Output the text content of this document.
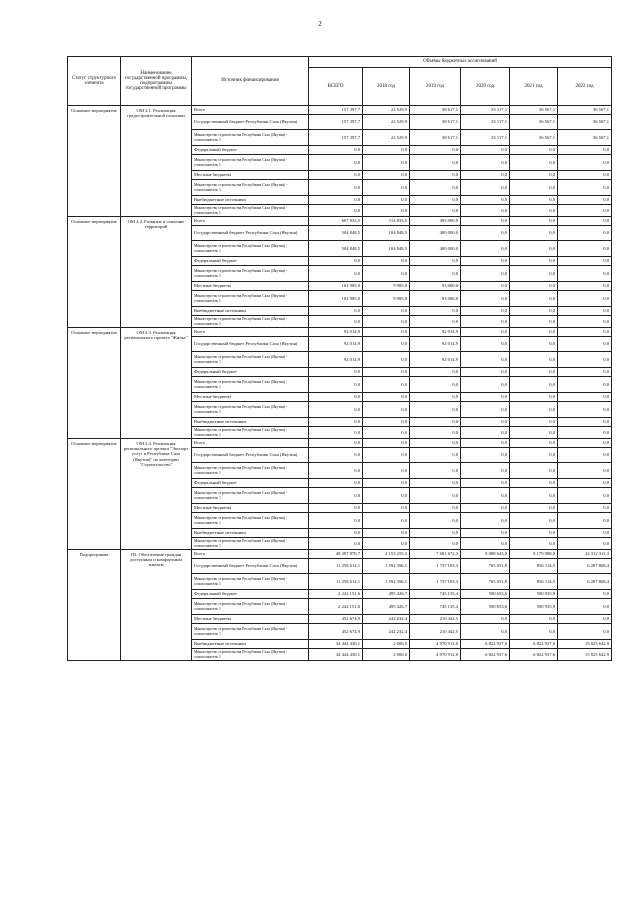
2
Статус структурного элемента	Наименование государственной программы, подпрограммы государственной программы	Источник финансирования	Объемы бюджетных ассигнований					
			ВСЕГО	2018 год	2019 год	2020 год	2021 год	2022 год
Основное мероприятие	ОМ 2.1. Реализация градостроительной политики	Всего	157 397,7	22 529,9	38 617,1	33 117,1	36 567,1	36 567,1
		Государственный бюджет Республики Саха (Якутия)	157 397,7	22 529,9	38 617,1	33 117,1	36 567,1	36 567,1
		Министерство строительства Республики Саха (Якутия) - соисполнитель 1	157 397,7	22 529,9	38 617,1	33 117,1	36 567,1	36 567,1
		Федеральный бюджет	0,0	0,0	0,0	0,0	0,0	0,0
		Министерство строительства Республики Саха (Якутия) - соисполнитель 1	0,0	0,0	0,0	0,0	0,0	0,0
		Местные бюджеты	0,0	0,0	0,0	0,0	0,0	0,0
		Министерство строительства Республики Саха (Якутия) - соисполнитель 1	0,0	0,0	0,0	0,0	0,0	0,0
		Внебюджетные источники	0,0	0,0	0,0	0,0	0,0	0,0
		Министерство строительства Республики Саха (Якутия) - соисполнитель 1	0,0	0,0	0,0	0,0	0,0	0,0
Основное мероприятие	ОМ 2.2. Развитие и освоение территорий	Всего	607 833,5	114 833,5	493 000,0	0,0	0,0	0,0
		Государственный бюджет Республики Саха (Якутия)	504 848,5	104 848,5	400 000,0	0,0	0,0	0,0
		Министерство строительства Республики Саха (Якутия) - соисполнитель 1	504 848,5	104 848,5	400 000,0	0,0	0,0	0,0
		Федеральный бюджет	0,0	0,0	0,0	0,0	0,0	0,0
		Министерство строительства Республики Саха (Якутия) - соисполнитель 1	0,0	0,0	0,0	0,0	0,0	0,0
		Местные бюджеты	102 985,0	9 985,0	93 000,0	0,0	0,0	0,0
		Министерство строительства Республики Саха (Якутия) - соисполнитель 1	102 985,0	9 985,0	93 000,0	0,0	0,0	0,0
		Внебюджетные источники	0,0	0,0	0,0	0,0	0,0	0,0
		Министерство строительства Республики Саха (Якутия) - соисполнитель 1	0,0	0,0	0,0	0,0	0,0	0,0
Основное мероприятие	ОМ 2.3. Реализация регионального проекта "Жилье"	Всего	92 014,9	0,0	92 014,9	0,0	0,0	0,0
		Государственный бюджет Республики Саха (Якутия)	92 014,9	0,0	92 014,9	0,0	0,0	0,0
		Министерство строительства Республики Саха (Якутия) - соисполнитель 1	92 014,9	0,0	92 014,9	0,0	0,0	0,0
		Федеральный бюджет	0,0	0,0	0,0	0,0	0,0	0,0
		Министерство строительства Республики Саха (Якутия) - соисполнитель 1	0,0	0,0	0,0	0,0	0,0	0,0
		Местные бюджеты	0,0	0,0	0,0	0,0	0,0	0,0
		Министерство строительства Республики Саха (Якутия) - соисполнитель 1	0,0	0,0	0,0	0,0	0,0	0,0
		Внебюджетные источники	0,0	0,0	0,0	0,0	0,0	0,0
		Министерство строительства Республики Саха (Якутия) - соисполнитель 1	0,0	0,0	0,0	0,0	0,0	0,0
Основное мероприятие	ОМ 2.4. Реализация регионального проекта "Экспорт услуг в Республике Саха (Якутия)" по категории "Строительство"	Всего	0,0	0,0	0,0	0,0	0,0	0,0
		Государственный бюджет Республики Саха (Якутия)	0,0	0,0	0,0	0,0	0,0	0,0
		Министерство строительства Республики Саха (Якутия) - соисполнитель 1	0,0	0,0	0,0	0,0	0,0	0,0
		Федеральный бюджет	0,0	0,0	0,0	0,0	0,0	0,0
		Министерство строительства Республики Саха (Якутия) - соисполнитель 1	0,0	0,0	0,0	0,0	0,0	0,0
		Местные бюджеты	0,0	0,0	0,0	0,0	0,0	0,0
		Министерство строительства Республики Саха (Якутия) - соисполнитель 1	0,0	0,0	0,0	0,0	0,0	0,0
		Внебюджетные источники	0,0	0,0	0,0	0,0	0,0	0,0
		Министерство строительства Республики Саха (Якутия) - соисполнитель 1	0,0	0,0	0,0	0,0	0,0	0,0
Подпрограмма	П3. Обеспечение граждан доступным и комфортным жильем	Всего	48 397 870,7	2 153 255,3	7 681 672,3	8 088 643,0	8 179 988,0	22 312 311,3
		Государственный бюджет Республики Саха (Якутия)	11 258 614,1	1 592 396,1	1 737 183,3	765 051,8	856 114,5	6 287 868,4
		Министерство строительства Республики Саха (Якутия) - соисполнитель 1	11 258 614,1	1 592 396,1	1 737 183,3	765 051,8	856 114,5	6 287 868,4
		Федеральный бюджет	2 242 151,6	495 426,7	745 135,4	500 653,6	500 935,9	0,0
		Министерство строительства Республики Саха (Якутия) - соисполнитель 1	2 242 151,6	495 426,7	745 135,4	500 653,6	500 935,9	0,0
		Местные бюджеты	452 674,9	242 232,4	210 442,5	0,0	0,0	0,0
		Министерство строительства Республики Саха (Якутия) - соисполнитель 1	452 674,9	242 232,4	210 442,5	0,0	0,0	0,0
		Внебюджетные источники	34 444 430,1	2 000,0	4 970 912,0	6 822 937,6	6 822 937,6	15 825 642,9
		Министерство строительства Республики Саха (Якутия) - соисполнитель 1	34 444 430,1	2 000,0	4 970 912,0	6 822 937,6	6 822 937,6	15 825 642,9
